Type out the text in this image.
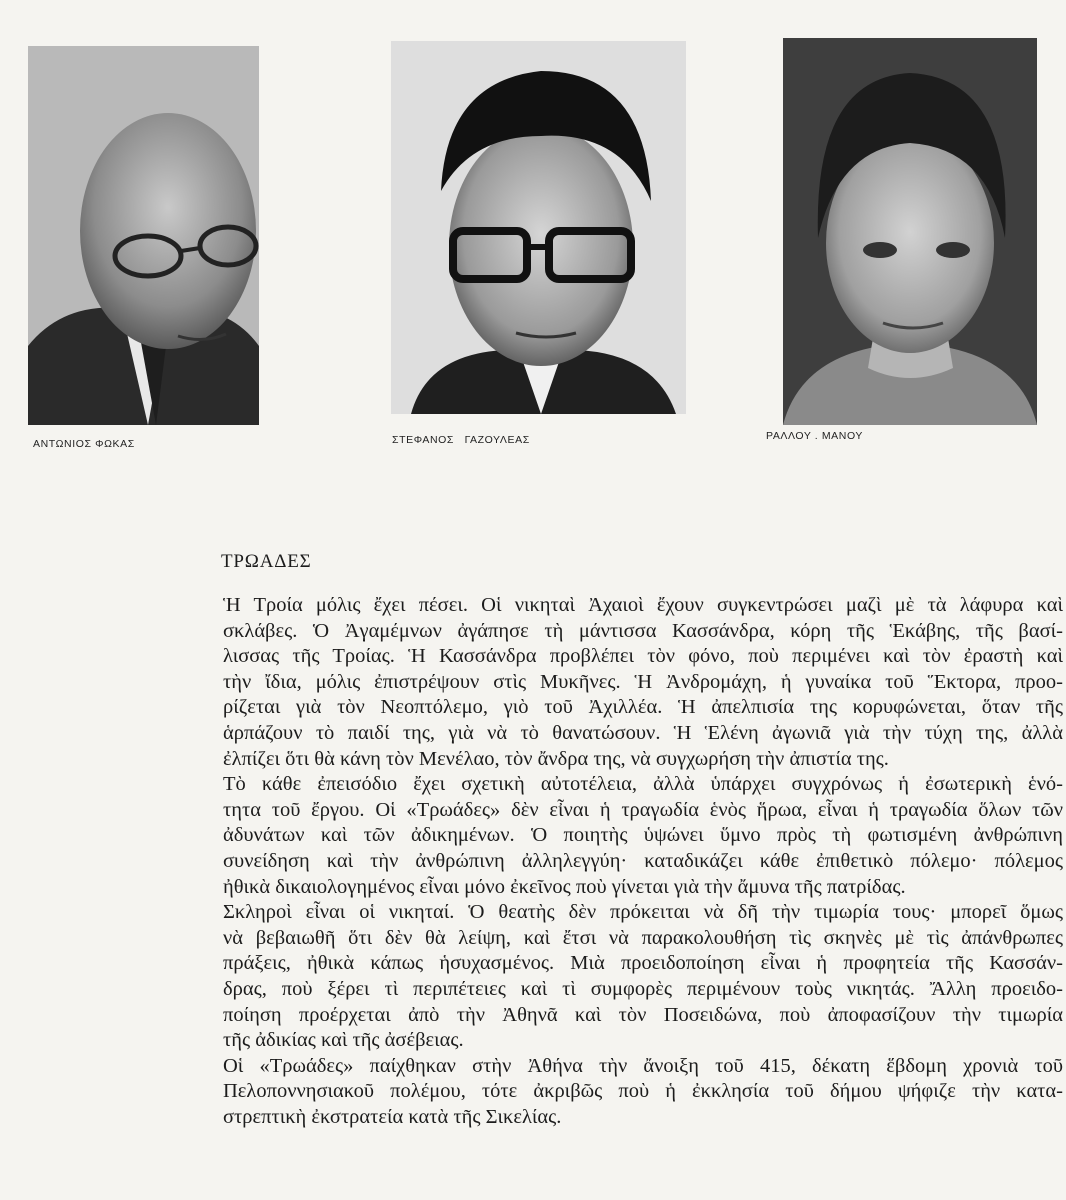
ΑΝΤΩΝΙΟΣ ΦΩΚΑΣ	ΣΤΕΦΑΝΟΣ   ΓΑΖΟΥΛΕΑΣ	ΡΑΛΛΟΥ . ΜΑΝΟΥ
ΤΡΩΑΔΕΣ
Ἡ Τροία μόλις ἔχει πέσει. Οἱ νικηταὶ Ἀχαιοὶ ἔχουν συγκεντρώσει μαζὶ μὲ τὰ λάφυρα καὶ
σκλάβες. Ὁ Ἀγαμέμνων ἀγάπησε τὴ μάντισσα Κασσάνδρα, κόρη τῆς Ἑκάβης, τῆς βασί-
λισσας τῆς Τροίας. Ἡ Κασσάνδρα προβλέπει τὸν φόνο, ποὺ περιμένει καὶ τὸν ἐραστὴ καὶ
τὴν ἴδια, μόλις ἐπιστρέψουν στὶς Μυκῆνες. Ἡ Ἀνδρομάχη, ἡ γυναίκα τοῦ Ἕκτορα, προο-
ρίζεται γιὰ τὸν Νεοπτόλεμο, γιὸ τοῦ Ἀχιλλέα. Ἡ ἀπελπισία της κορυφώνεται, ὅταν τῆς
ἁρπάζουν τὸ παιδί της, γιὰ νὰ τὸ θανατώσουν. Ἡ Ἑλένη ἀγωνιᾶ γιὰ τὴν τύχη της, ἀλλὰ
ἐλπίζει ὅτι θὰ κάνη τὸν Μενέλαο, τὸν ἄνδρα της, νὰ συγχωρήση τὴν ἀπιστία της.
Τὸ κάθε ἐπεισόδιο ἔχει σχετικὴ αὐτοτέλεια, ἀλλὰ ὑπάρχει συγχρόνως ἡ ἐσωτερικὴ ἑνό-
τητα τοῦ ἔργου. Οἱ «Τρωάδες» δὲν εἶναι ἡ τραγωδία ἑνὸς ἥρωα, εἶναι ἡ τραγωδία ὅλων τῶν
ἀδυνάτων καὶ τῶν ἀδικημένων. Ὁ ποιητὴς ὑψώνει ὕμνο πρὸς τὴ φωτισμένη ἀνθρώπινη
συνείδηση καὶ τὴν ἀνθρώπινη ἀλληλεγγύη· καταδικάζει κάθε ἐπιθετικὸ πόλεμο· πόλεμος
ἠθικὰ δικαιολογημένος εἶναι μόνο ἐκεῖνος ποὺ γίνεται γιὰ τὴν ἄμυνα τῆς πατρίδας.
Σκληροὶ εἶναι οἱ νικηταί. Ὁ θεατὴς δὲν πρόκειται νὰ δῆ τὴν τιμωρία τους· μπορεῖ ὅμως
νὰ βεβαιωθῆ ὅτι δὲν θὰ λείψη, καὶ ἔτσι νὰ παρακολουθήση τὶς σκηνὲς μὲ τὶς ἀπάνθρωπες
πράξεις, ἠθικὰ κάπως ἡσυχασμένος. Μιὰ προειδοποίηση εἶναι ἡ προφητεία τῆς Κασσάν-
δρας, ποὺ ξέρει τὶ περιπέτειες καὶ τὶ συμφορὲς περιμένουν τοὺς νικητάς. Ἄλλη προειδο-
ποίηση προέρχεται ἀπὸ τὴν Ἀθηνᾶ καὶ τὸν Ποσειδώνα, ποὺ ἀποφασίζουν τὴν τιμωρία
τῆς ἀδικίας καὶ τῆς ἀσέβειας.
Οἱ «Τρωάδες» παίχθηκαν στὴν Ἀθήνα τὴν ἄνοιξη τοῦ 415, δέκατη ἕβδομη χρονιὰ τοῦ
Πελοποννησιακοῦ πολέμου, τότε ἀκριβῶς ποὺ ἡ ἐκκλησία τοῦ δήμου ψήφιζε τὴν κατα-
στρεπτικὴ ἐκστρατεία κατὰ τῆς Σικελίας.
